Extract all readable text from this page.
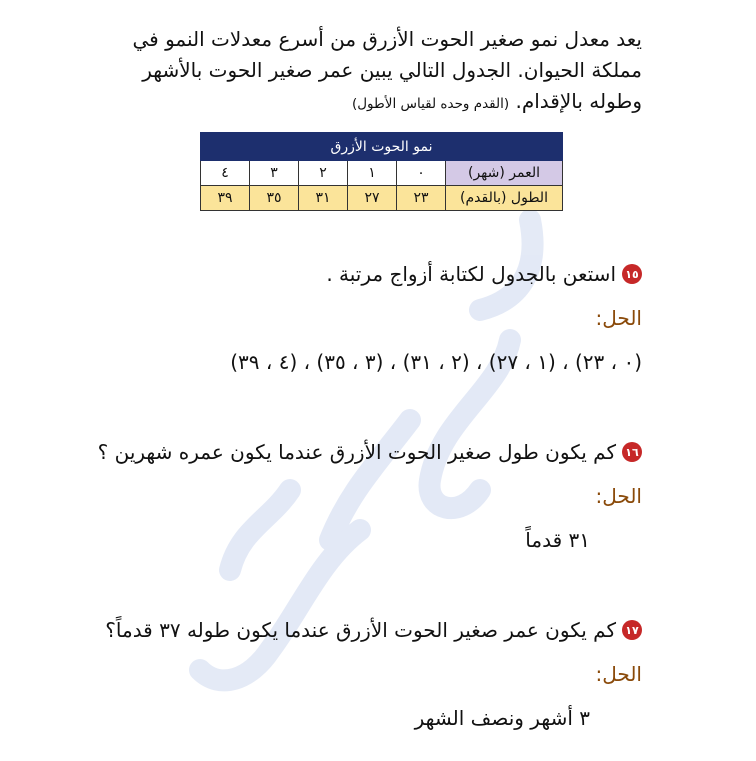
يعد معدل نمو صغير الحوت الأزرق من أسرع معدلات النمو في مملكة الحيوان. الجدول التالي يبين عمر صغير الحوت بالأشهر وطوله بالإقدام. (القدم وحده لقياس الأطول)
نمو الحوت الأزرق					
العمر (شهر)	٠	١	٢	٣	٤
الطول (بالقدم)	٢٣	٢٧	٣١	٣٥	٣٩
١٥
استعن بالجدول لكتابة أزواج مرتبة .
الحل:
(٠ ، ٢٣) ، (١ ، ٢٧) ، (٢ ، ٣١) ، (٣ ، ٣٥) ، (٤ ، ٣٩)
١٦
كم يكون طول صغير الحوت الأزرق عندما يكون عمره شهرين ؟
الحل:
٣١ قدماً
١٧
كم يكون عمر صغير الحوت الأزرق عندما يكون طوله ٣٧ قدماً؟
الحل:
٣ أشهر ونصف الشهر
